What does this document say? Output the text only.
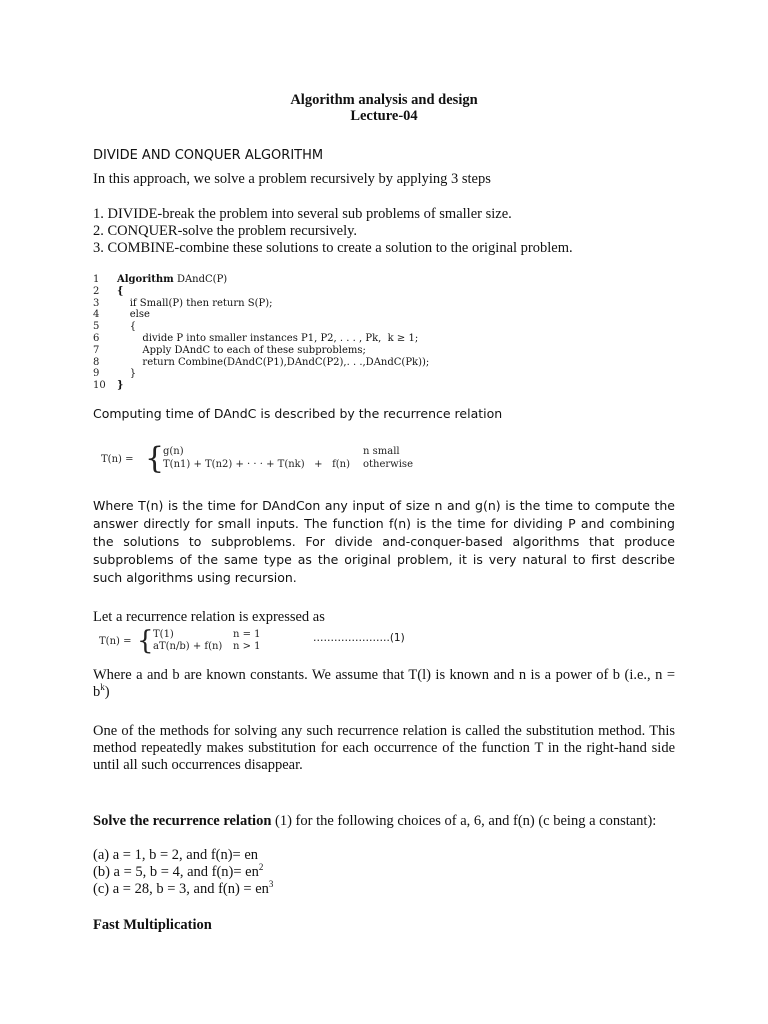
Algorithm analysis and design
Lecture-04
DIVIDE AND CONQUER ALGORITHM
In this approach, we solve a problem recursively by applying 3 steps
1. DIVIDE-break the problem into several sub problems of smaller size.
2. CONQUER-solve the problem recursively.
3. COMBINE-combine these solutions to create a solution to the original problem.
1	Algorithm DAndC(P)
2	{
3	if Small(P) then return S(P);
4	else
5	{
6	divide P into smaller instances P1, P2, . . . , Pk,  k ≥ 1;
7	Apply DAndC to each of these subproblems;
8	return Combine(DAndC(P1),DAndC(P2),. . .,DAndC(Pk));
9	}
10	}
Computing time of DAndC is described by the recurrence relation
T(n) = {
g(n)	n small
T(n1) + T(n2) + · · · + T(nk)   +   f(n) otherwise
Where T(n) is the time for DAndCon any input of size n and g(n) is the time to compute the answer directly for small inputs. The function f(n) is the time for dividing P and combining the solutions to subproblems. For divide and-conquer-based algorithms that produce subproblems of the same type as the original problem, it is very natural to first describe such algorithms using recursion.
Let a recurrence relation is expressed as
T(n) = { T(1)	n = 1
aT(n/b) + f(n) n > 1
………………….(1)
Where a and b are known constants. We assume that T(l) is known and n is a power of b (i.e., $n = b^k$)
One of the methods for solving any such recurrence relation is called the substitution method. This method repeatedly makes substitution for each occurrence of the function T in the right-hand side until all such occurrences disappear.
Solve the recurrence relation (1) for the following choices of a, 6, and f(n) (c being a constant):
(a) a = 1, b = 2, and f(n)= en
(b) a = 5, b = 4, and $f(n)= en^2$
(c) a = 28, b = 3, and $f(n) = en^3$
Fast Multiplication
